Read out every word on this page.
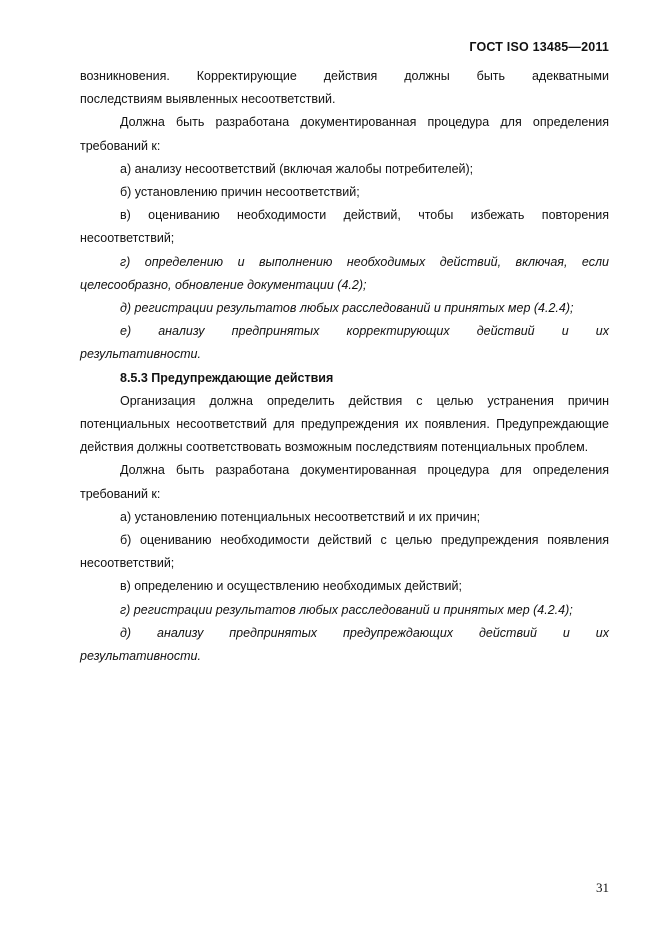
ГОСТ ISO 13485—2011

возникновения. Корректирующие действия должны быть адекватными

последствиям выявленных несоответствий.

Должна быть разработана документированная процедура для определения требований к:

а) анализу несоответствий (включая жалобы потребителей);

б) установлению причин несоответствий;

в) оцениванию необходимости действий, чтобы избежать повторения несоответствий;

г) определению и выполнению необходимых действий, включая, если целесообразно, обновление документации (4.2);

д) регистрации результатов любых расследований и принятых мер (4.2.4);

е) анализу предпринятых корректирующих действий и их

результативности.

8.5.3 Предупреждающие действия

Организация должна определить действия с целью устранения причин потенциальных несоответствий для предупреждения их появления. Предупреждающие действия должны соответствовать возможным последствиям потенциальных проблем.

Должна быть разработана документированная процедура для определения требований к:

а) установлению потенциальных несоответствий и их причин;

б) оцениванию необходимости действий с целью предупреждения появления несоответствий;

в) определению и осуществлению необходимых действий;

г) регистрации результатов любых расследований и принятых мер (4.2.4);

д) анализу предпринятых предупреждающих действий и их

результативности.

31
